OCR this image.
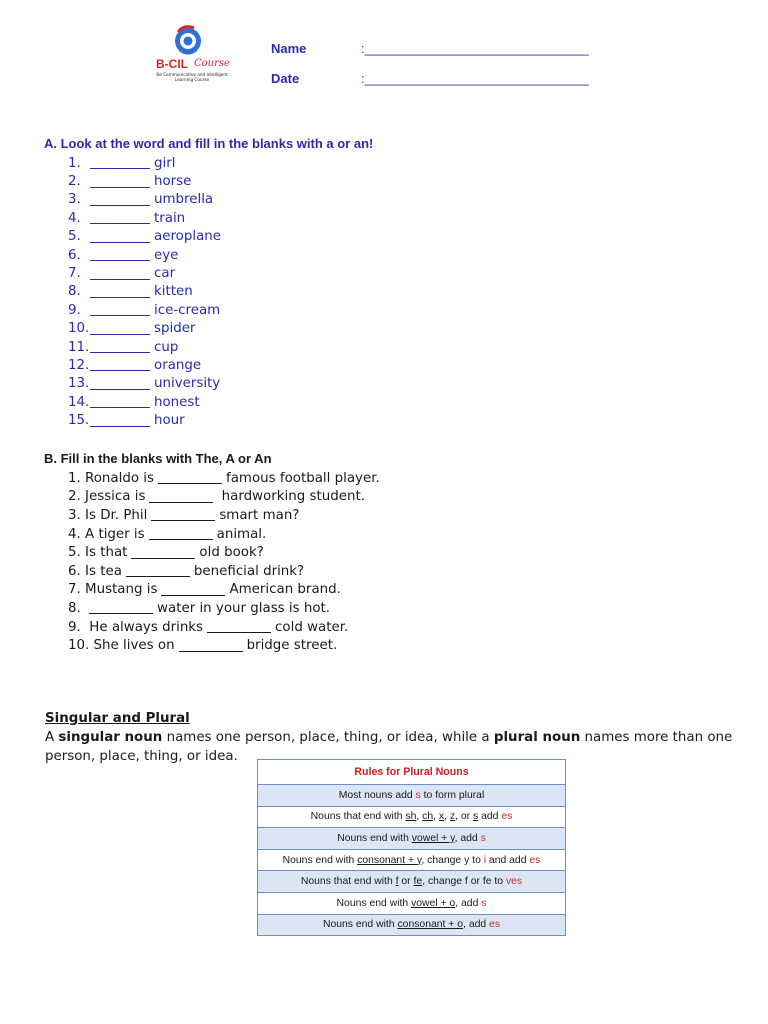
B-CIL Course
Be Communicative and Intelligent Learning Course
Name	:_______________________________
Date	:_______________________________
A. Look at the word and fill in the blanks with a or an!
1.	girl
2.	horse
3.	umbrella
4.	train
5.	aeroplane
6.	eye
7.	car
8.	kitten
9.	ice-cream
10.	spider
11.	cup
12.	orange
13.	university
14.	honest
15.	hour
B. Fill in the blanks with The, A or An
1. Ronaldo is	famous football player.
2. Jessica is	hardworking student.
3. Is Dr. Phil	smart man?
4. A tiger is	animal.
5. Is that	old book?
6. Is tea	beneficial drink?
7. Mustang is	American brand.
8.	water in your glass is hot.
9.  He always drinks	cold water.
10. She lives on	bridge street.
Singular and Plural
A singular noun names one person, place, thing, or idea, while a plural noun names more than one person, place, thing, or idea.
Rules for Plural Nouns
Most nouns add s to form plural
Nouns that end with sh, ch, x, z, or s add es
Nouns end with vowel + y, add s
Nouns end with consonant + y, change y to i and add es
Nouns that end with f or fe, change f or fe to ves
Nouns end with vowel + o, add s
Nouns end with consonant + o, add es
